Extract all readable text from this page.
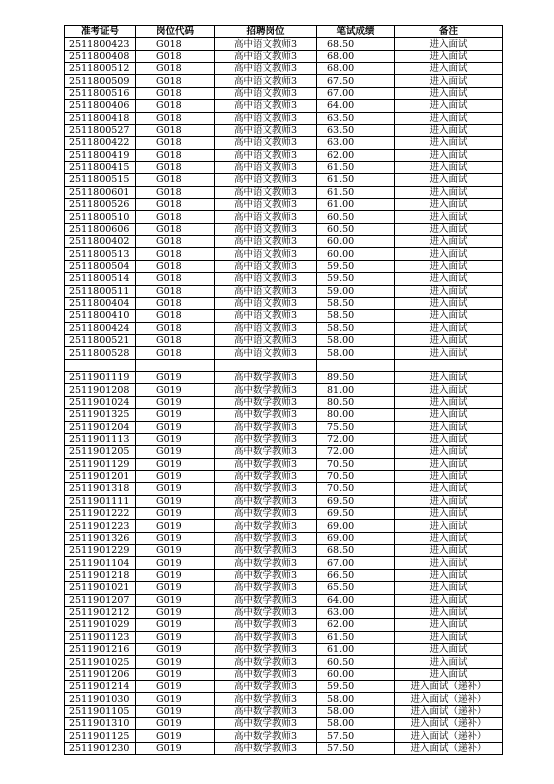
准考证号	岗位代码	招聘岗位	笔试成绩	备注
2511800423	G018	高中语文教师3	68.50	进入面试
2511800408	G018	高中语文教师3	68.00	进入面试
2511800512	G018	高中语文教师3	68.00	进入面试
2511800509	G018	高中语文教师3	67.50	进入面试
2511800516	G018	高中语文教师3	67.00	进入面试
2511800406	G018	高中语文教师3	64.00	进入面试
2511800418	G018	高中语文教师3	63.50	进入面试
2511800527	G018	高中语文教师3	63.50	进入面试
2511800422	G018	高中语文教师3	63.00	进入面试
2511800419	G018	高中语文教师3	62.00	进入面试
2511800415	G018	高中语文教师3	61.50	进入面试
2511800515	G018	高中语文教师3	61.50	进入面试
2511800601	G018	高中语文教师3	61.50	进入面试
2511800526	G018	高中语文教师3	61.00	进入面试
2511800510	G018	高中语文教师3	60.50	进入面试
2511800606	G018	高中语文教师3	60.50	进入面试
2511800402	G018	高中语文教师3	60.00	进入面试
2511800513	G018	高中语文教师3	60.00	进入面试
2511800504	G018	高中语文教师3	59.50	进入面试
2511800514	G018	高中语文教师3	59.50	进入面试
2511800511	G018	高中语文教师3	59.00	进入面试
2511800404	G018	高中语文教师3	58.50	进入面试
2511800410	G018	高中语文教师3	58.50	进入面试
2511800424	G018	高中语文教师3	58.50	进入面试
2511800521	G018	高中语文教师3	58.00	进入面试
2511800528	G018	高中语文教师3	58.00	进入面试

2511901119	G019	高中数学教师3	89.50	进入面试
2511901208	G019	高中数学教师3	81.00	进入面试
2511901024	G019	高中数学教师3	80.50	进入面试
2511901325	G019	高中数学教师3	80.00	进入面试
2511901204	G019	高中数学教师3	75.50	进入面试
2511901113	G019	高中数学教师3	72.00	进入面试
2511901205	G019	高中数学教师3	72.00	进入面试
2511901129	G019	高中数学教师3	70.50	进入面试
2511901201	G019	高中数学教师3	70.50	进入面试
2511901318	G019	高中数学教师3	70.50	进入面试
2511901111	G019	高中数学教师3	69.50	进入面试
2511901222	G019	高中数学教师3	69.50	进入面试
2511901223	G019	高中数学教师3	69.00	进入面试
2511901326	G019	高中数学教师3	69.00	进入面试
2511901229	G019	高中数学教师3	68.50	进入面试
2511901104	G019	高中数学教师3	67.00	进入面试
2511901218	G019	高中数学教师3	66.50	进入面试
2511901021	G019	高中数学教师3	65.50	进入面试
2511901207	G019	高中数学教师3	64.00	进入面试
2511901212	G019	高中数学教师3	63.00	进入面试
2511901029	G019	高中数学教师3	62.00	进入面试
2511901123	G019	高中数学教师3	61.50	进入面试
2511901216	G019	高中数学教师3	61.00	进入面试
2511901025	G019	高中数学教师3	60.50	进入面试
2511901206	G019	高中数学教师3	60.00	进入面试
2511901214	G019	高中数学教师3	59.50	进入面试（递补）
2511901030	G019	高中数学教师3	58.00	进入面试（递补）
2511901105	G019	高中数学教师3	58.00	进入面试（递补）
2511901310	G019	高中数学教师3	58.00	进入面试（递补）
2511901125	G019	高中数学教师3	57.50	进入面试（递补）
2511901230	G019	高中数学教师3	57.50	进入面试（递补）
